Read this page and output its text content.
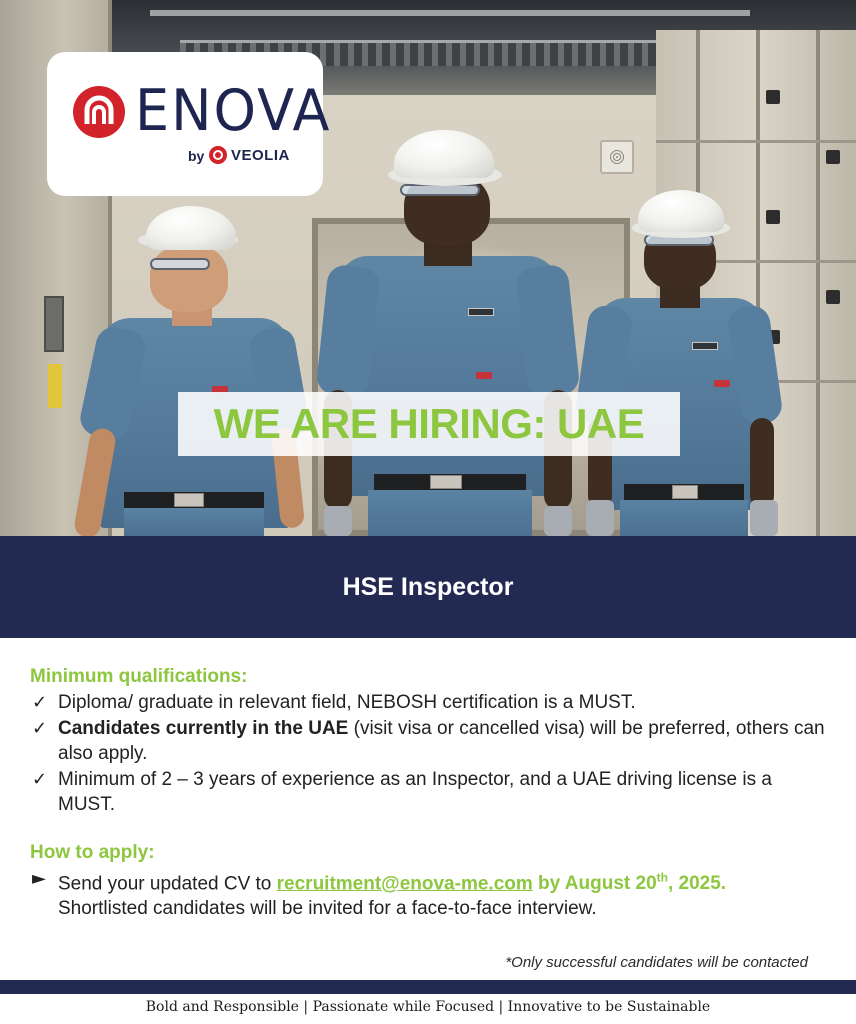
ENOVA
by VEOLIA
WE ARE HIRING: UAE
HSE Inspector
Minimum qualifications:
✓ Diploma/ graduate in relevant field, NEBOSH certification is a MUST.
✓ Candidates currently in the UAE (visit visa or cancelled visa) will be preferred, others can also apply.
✓ Minimum of 2 – 3 years of experience as an Inspector, and a UAE driving license is a MUST.
How to apply:
► Send your updated CV to recruitment@enova-me.com by August 20th, 2025.
Shortlisted candidates will be invited for a face-to-face interview.
*Only successful candidates will be contacted
Bold and Responsible | Passionate while Focused | Innovative to be Sustainable
